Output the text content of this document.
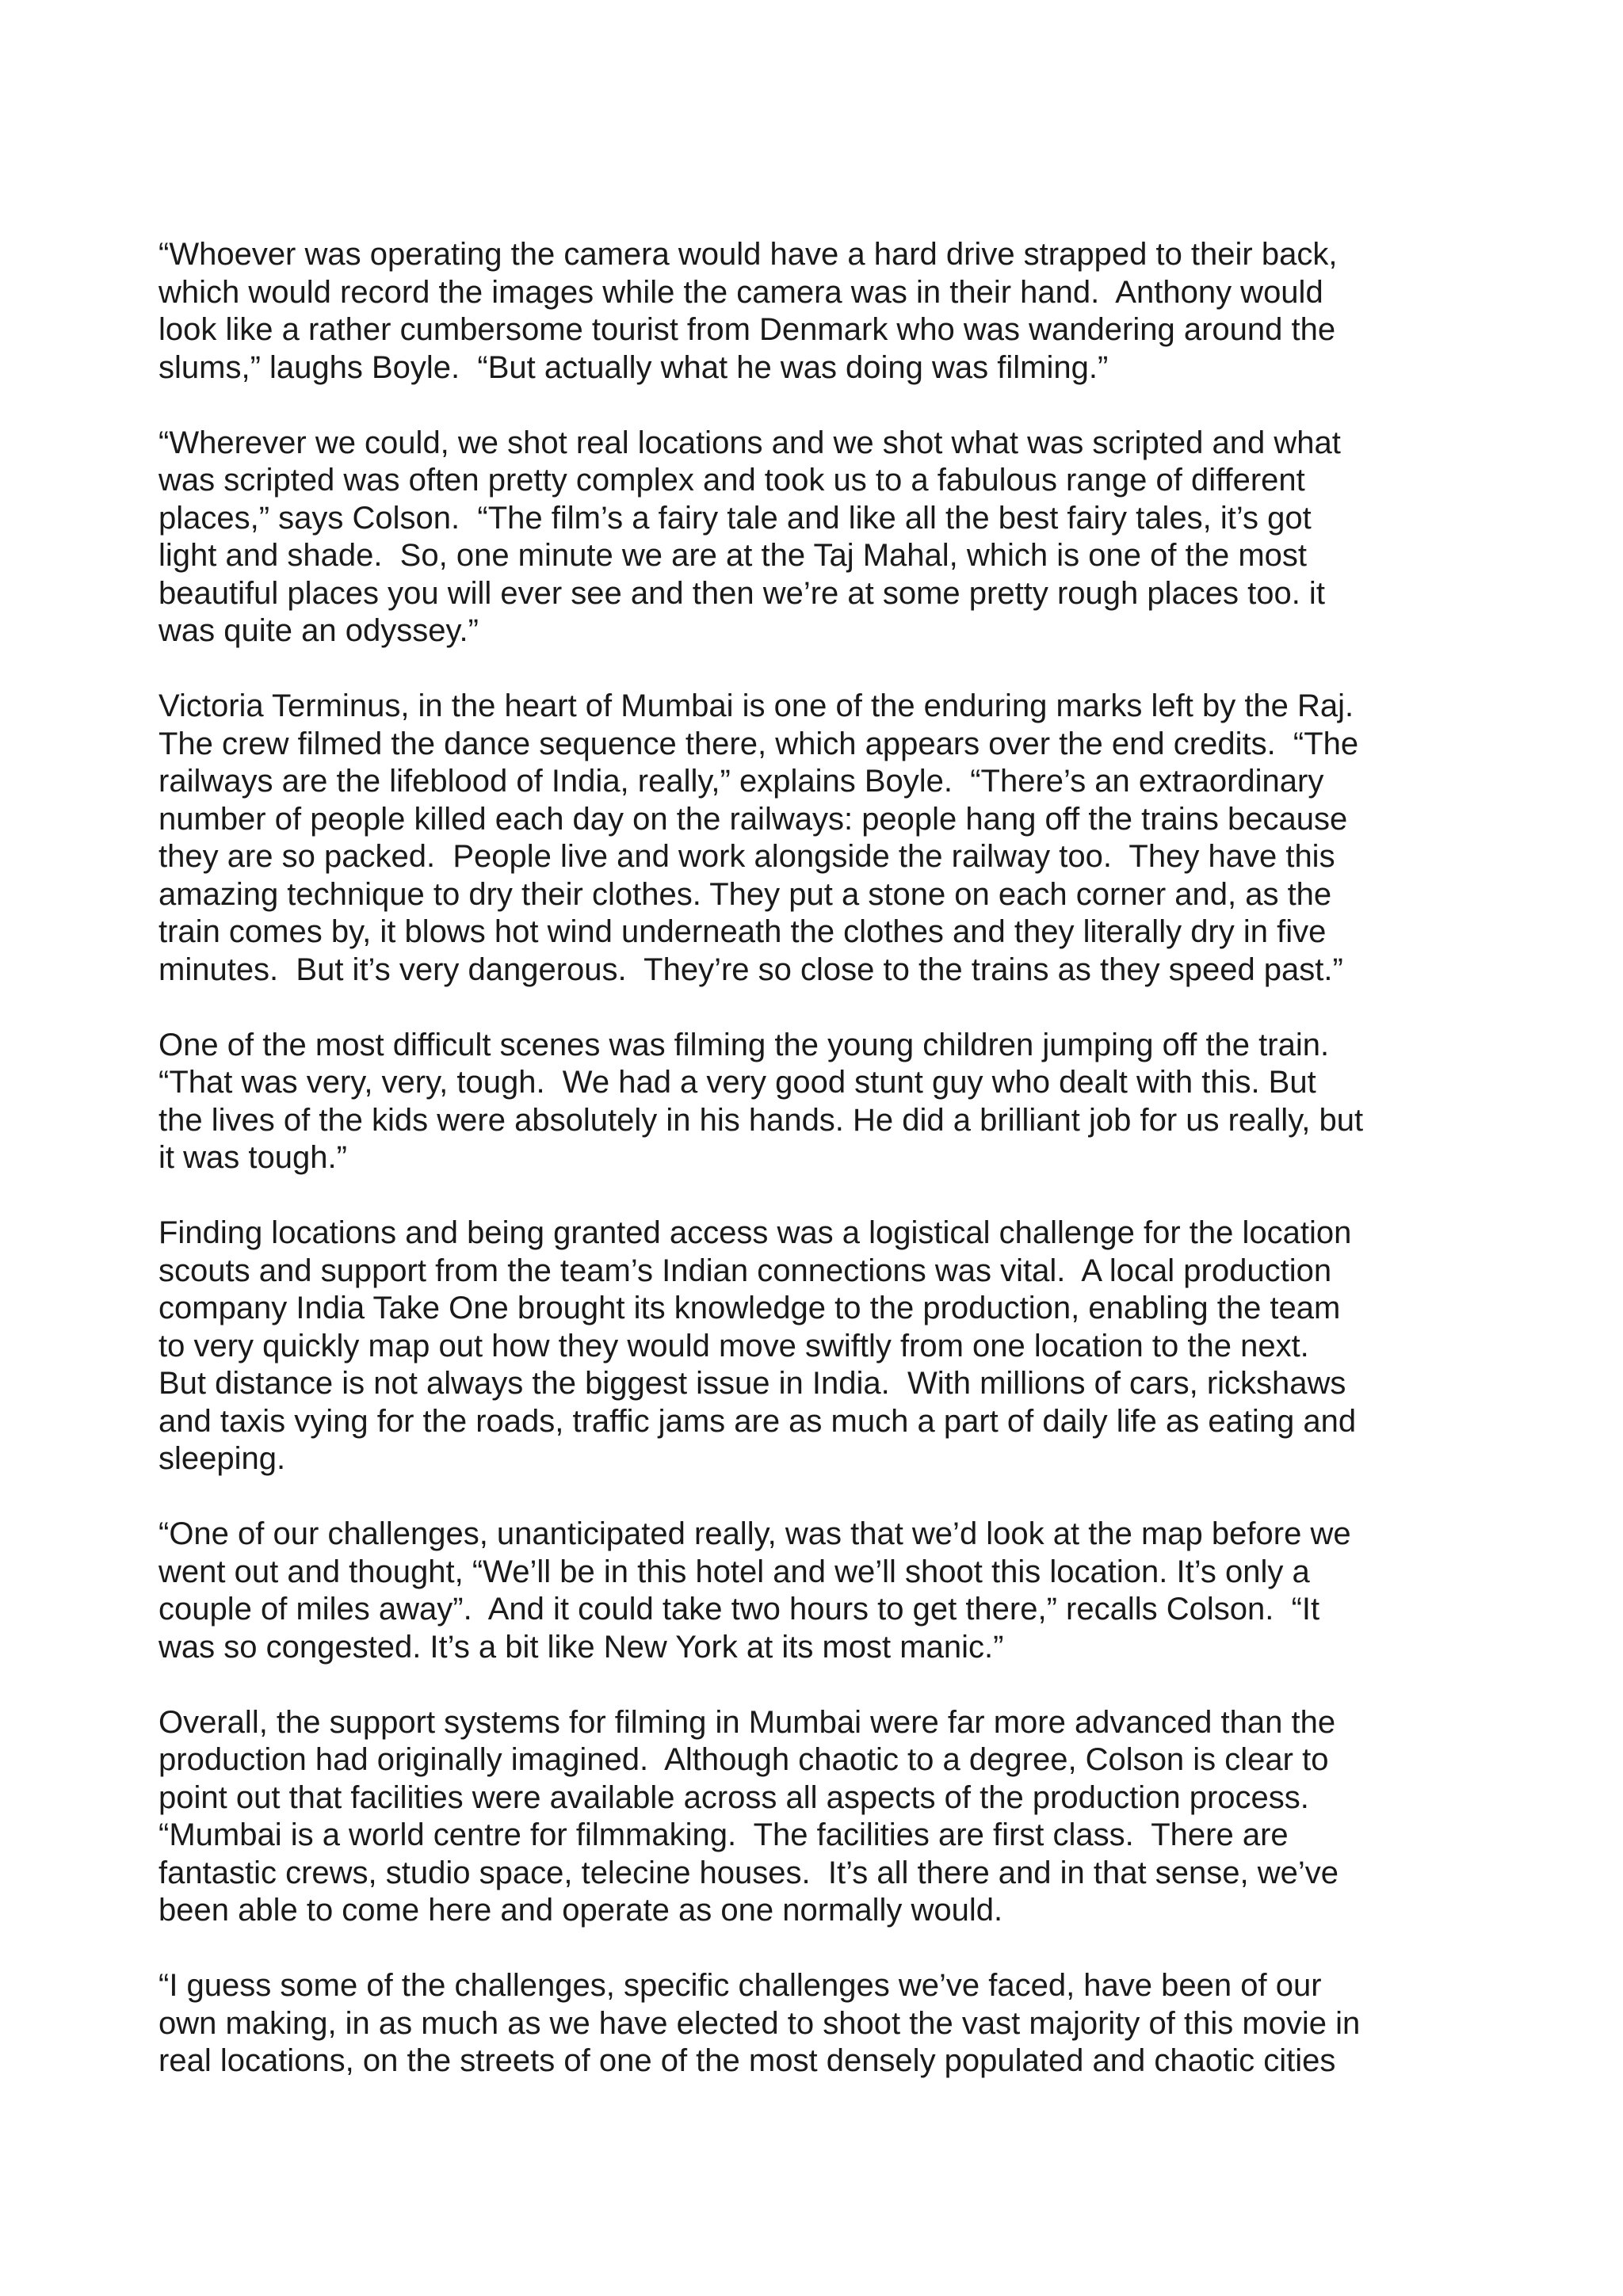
“Whoever was operating the camera would have a hard drive strapped to their back,
which would record the images while the camera was in their hand.  Anthony would
look like a rather cumbersome tourist from Denmark who was wandering around the
slums,” laughs Boyle.  “But actually what he was doing was filming.”

“Wherever we could, we shot real locations and we shot what was scripted and what
was scripted was often pretty complex and took us to a fabulous range of different
places,” says Colson.  “The film’s a fairy tale and like all the best fairy tales, it’s got
light and shade.  So, one minute we are at the Taj Mahal, which is one of the most
beautiful places you will ever see and then we’re at some pretty rough places too. it
was quite an odyssey.”

Victoria Terminus, in the heart of Mumbai is one of the enduring marks left by the Raj.
The crew filmed the dance sequence there, which appears over the end credits.  “The
railways are the lifeblood of India, really,” explains Boyle.  “There’s an extraordinary
number of people killed each day on the railways: people hang off the trains because
they are so packed.  People live and work alongside the railway too.  They have this
amazing technique to dry their clothes. They put a stone on each corner and, as the
train comes by, it blows hot wind underneath the clothes and they literally dry in five
minutes.  But it’s very dangerous.  They’re so close to the trains as they speed past.”

One of the most difficult scenes was filming the young children jumping off the train.
“That was very, very, tough.  We had a very good stunt guy who dealt with this. But
the lives of the kids were absolutely in his hands. He did a brilliant job for us really, but
it was tough.”

Finding locations and being granted access was a logistical challenge for the location
scouts and support from the team’s Indian connections was vital.  A local production
company India Take One brought its knowledge to the production, enabling the team
to very quickly map out how they would move swiftly from one location to the next.
But distance is not always the biggest issue in India.  With millions of cars, rickshaws
and taxis vying for the roads, traffic jams are as much a part of daily life as eating and
sleeping.

“One of our challenges, unanticipated really, was that we’d look at the map before we
went out and thought, “We’ll be in this hotel and we’ll shoot this location. It’s only a
couple of miles away”.  And it could take two hours to get there,” recalls Colson.  “It
was so congested. It’s a bit like New York at its most manic.”

Overall, the support systems for filming in Mumbai were far more advanced than the
production had originally imagined.  Although chaotic to a degree, Colson is clear to
point out that facilities were available across all aspects of the production process.
“Mumbai is a world centre for filmmaking.  The facilities are first class.  There are
fantastic crews, studio space, telecine houses.  It’s all there and in that sense, we’ve
been able to come here and operate as one normally would.

“I guess some of the challenges, specific challenges we’ve faced, have been of our
own making, in as much as we have elected to shoot the vast majority of this movie in
real locations, on the streets of one of the most densely populated and chaotic cities
